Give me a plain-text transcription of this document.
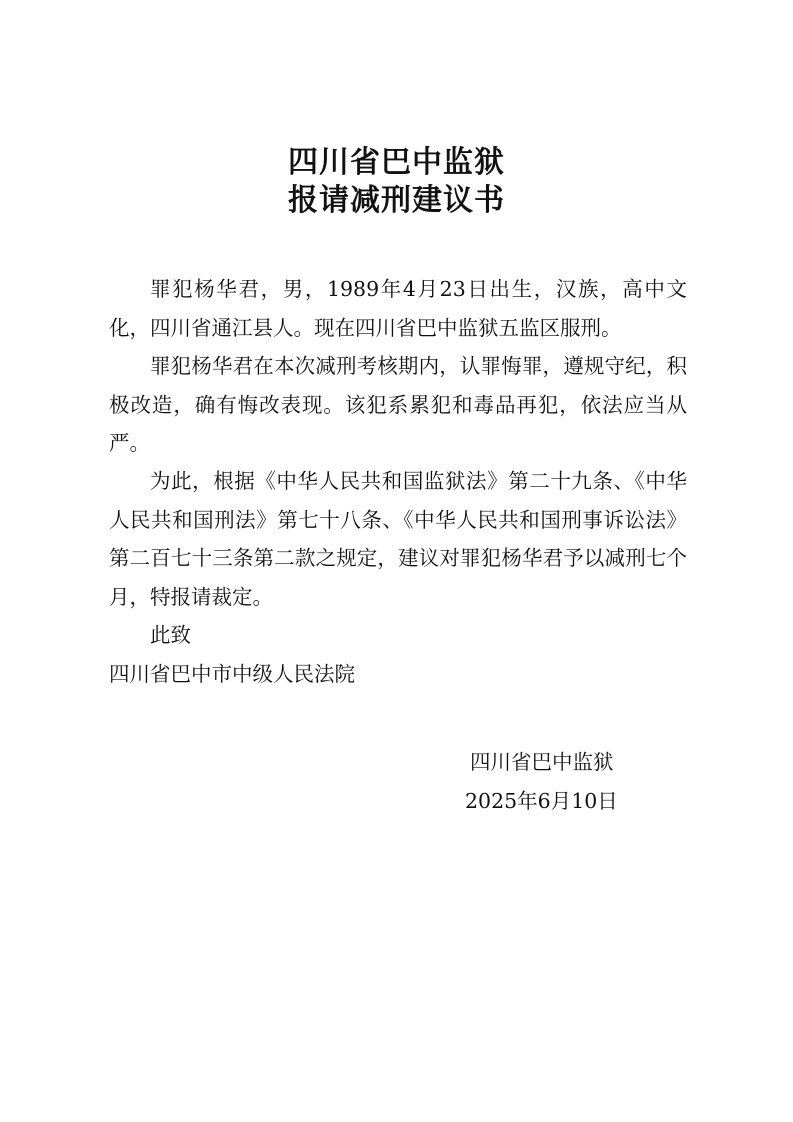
四川省巴中监狱
报请减刑建议书

罪犯杨华君，男，1989年4月23日出生，汉族，高中文化，四川省通江县人。现在四川省巴中监狱五监区服刑。

罪犯杨华君在本次减刑考核期内，认罪悔罪，遵规守纪，积极改造，确有悔改表现。该犯系累犯和毒品再犯，依法应当从严。

为此，根据《中华人民共和国监狱法》第二十九条、《中华人民共和国刑法》第七十八条、《中华人民共和国刑事诉讼法》第二百七十三条第二款之规定，建议对罪犯杨华君予以减刑七个月，特报请裁定。

此致
四川省巴中市中级人民法院
四川省巴中监狱
2025年6月10日
